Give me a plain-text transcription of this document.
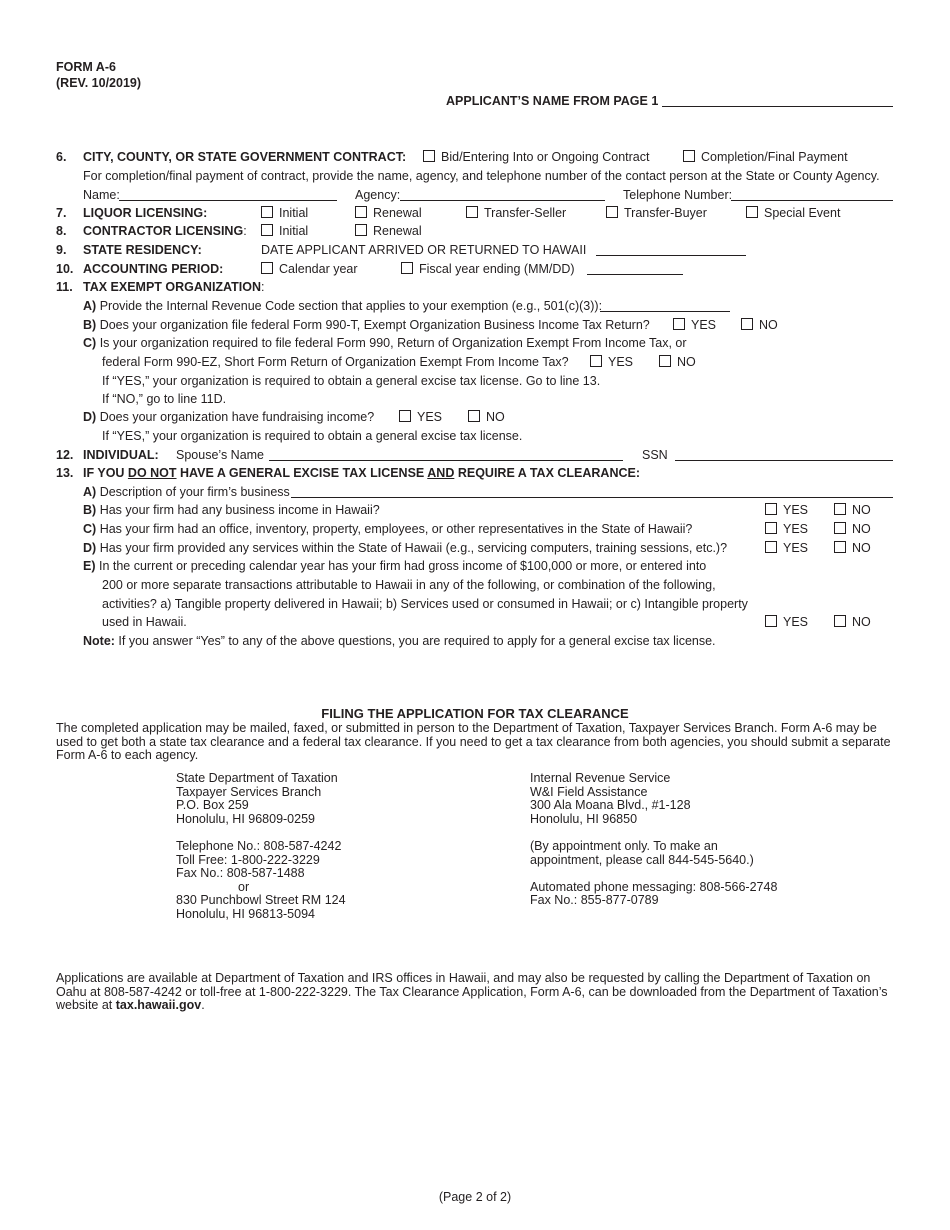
FORM A-6
(REV. 10/2019)
APPLICANT’S NAME FROM PAGE 1
6. CITY, COUNTY, OR STATE GOVERNMENT CONTRACT:	Bid/Entering Into or Ongoing Contract	Completion/Final Payment
For completion/final payment of contract, provide the name, agency, and telephone number of the contact person at the State or County Agency.
Name:	Agency:	Telephone Number:
7. LIQUOR LICENSING:	Initial	Renewal	Transfer-Seller	Transfer-Buyer	Special Event
8. CONTRACTOR LICENSING:	Initial	Renewal
9. STATE RESIDENCY:	DATE APPLICANT ARRIVED OR RETURNED TO HAWAII
10. ACCOUNTING PERIOD:	Calendar year	Fiscal year ending (MM/DD)
11. TAX EXEMPT ORGANIZATION:
A) Provide the Internal Revenue Code section that applies to your exemption (e.g., 501(c)(3)):
B) Does your organization file federal Form 990-T, Exempt Organization Business Income Tax Return?	YES	NO
C) Is your organization required to file federal Form 990, Return of Organization Exempt From Income Tax, or
federal Form 990-EZ, Short Form Return of Organization Exempt From Income Tax?	YES	NO
If “YES,” your organization is required to obtain a general excise tax license. Go to line 13.
If “NO,” go to line 11D.
D) Does your organization have fundraising income?	YES	NO
If “YES,” your organization is required to obtain a general excise tax license.
12. INDIVIDUAL: Spouse’s Name	SSN
13. IF YOU DO NOT HAVE A GENERAL EXCISE TAX LICENSE AND REQUIRE A TAX CLEARANCE:
A) Description of your firm’s business
B) Has your firm had any business income in Hawaii?	YES	NO
C) Has your firm had an office, inventory, property, employees, or other representatives in the State of Hawaii?	YES	NO
D) Has your firm provided any services within the State of Hawaii (e.g., servicing computers, training sessions, etc.)?	YES	NO
E) In the current or preceding calendar year has your firm had gross income of $100,000 or more, or entered into
200 or more separate transactions attributable to Hawaii in any of the following, or combination of the following,
activities? a) Tangible property delivered in Hawaii; b) Services used or consumed in Hawaii; or c) Intangible property
used in Hawaii.	YES	NO
Note: If you answer “Yes” to any of the above questions, you are required to apply for a general excise tax license.
FILING THE APPLICATION FOR TAX CLEARANCE
The completed application may be mailed, faxed, or submitted in person to the Department of Taxation, Taxpayer Services Branch. Form A-6 may be used to get both a state tax clearance and a federal tax clearance. If you need to get a tax clearance from both agencies, you should submit a separate Form A-6 to each agency.
State Department of Taxation
Taxpayer Services Branch
P.O. Box 259
Honolulu, HI 96809-0259
Telephone No.: 808-587-4242
Toll Free: 1-800-222-3229
Fax No.: 808-587-1488
or
830 Punchbowl Street RM 124
Honolulu, HI 96813-5094
Internal Revenue Service
W&I Field Assistance
300 Ala Moana Blvd., #1-128
Honolulu, HI 96850
(By appointment only. To make an
appointment, please call 844-545-5640.)
Automated phone messaging: 808-566-2748
Fax No.: 855-877-0789
Applications are available at Department of Taxation and IRS offices in Hawaii, and may also be requested by calling the Department of Taxation on Oahu at 808-587-4242 or toll-free at 1-800-222-3229. The Tax Clearance Application, Form A-6, can be downloaded from the Department of Taxation’s website at tax.hawaii.gov.
(Page 2 of 2)
